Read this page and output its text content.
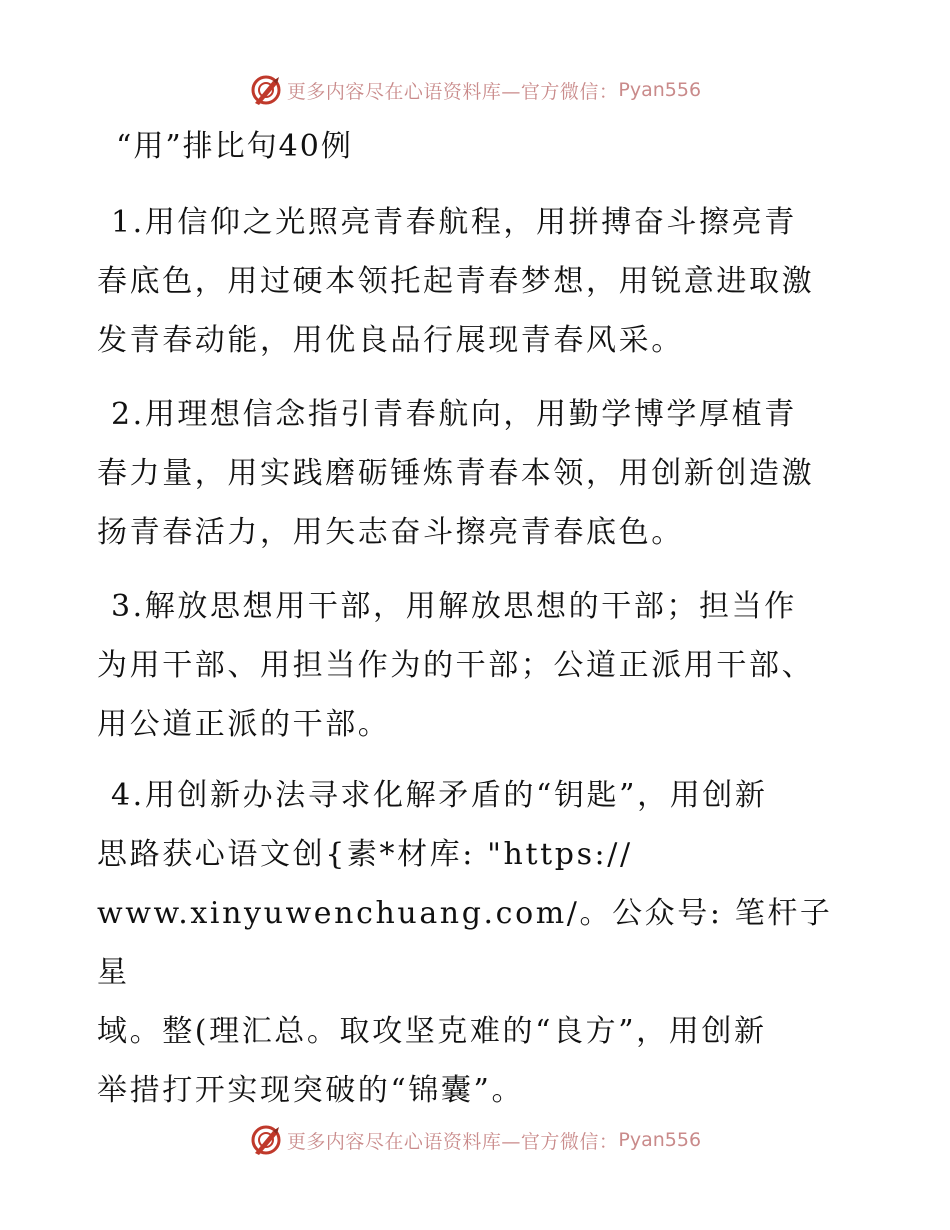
更多内容尽在心语资料库—官方微信： Pyan556
“用”排比句40例
1.用信仰之光照亮青春航程，用拼搏奋斗擦亮青
春底色，用过硬本领托起青春梦想，用锐意进取激
发青春动能，用优良品行展现青春风采。
2.用理想信念指引青春航向，用勤学博学厚植青
春力量，用实践磨砺锤炼青春本领，用创新创造激
扬青春活力，用矢志奋斗擦亮青春底色。
3.解放思想用干部，用解放思想的干部；担当作
为用干部、用担当作为的干部；公道正派用干部、
用公道正派的干部。
4.用创新办法寻求化解矛盾的“钥匙”，用创新
思路获心语文创{素*材库: "https://
www.xinyuwenchuang.com/。公众号: 笔杆子星
域。整(理汇总。取攻坚克难的“良方”，用创新
举措打开实现突破的“锦囊”。
更多内容尽在心语资料库—官方微信： Pyan556
